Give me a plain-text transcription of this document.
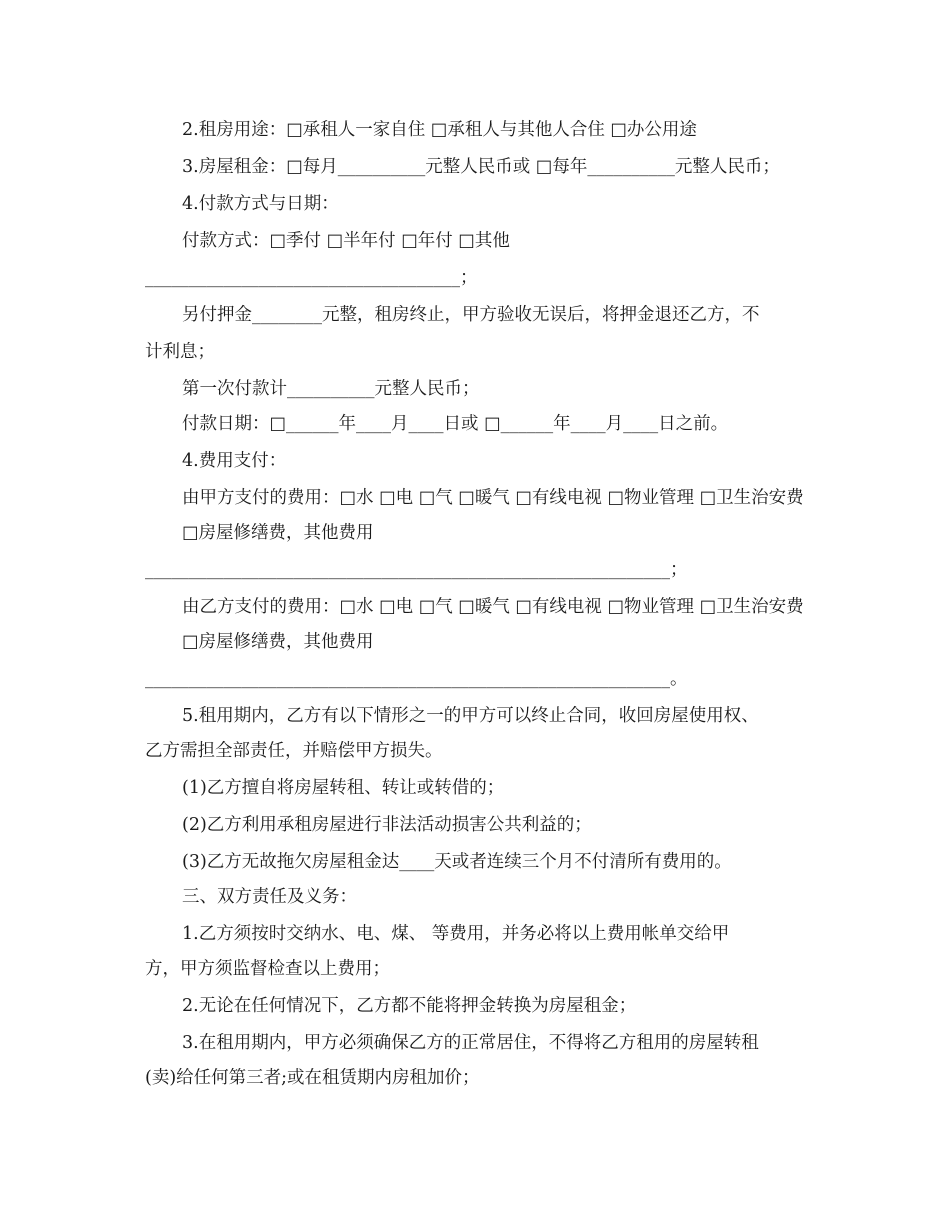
2.租房用途：□承租人一家自住 □承租人与其他人合住 □办公用途
3.房屋租金：□每月__________元整人民币或 □每年__________元整人民币；
4.付款方式与日期：
付款方式：□季付 □半年付 □年付 □其他
____________________________________；
另付押金________元整，租房终止，甲方验收无误后，将押金退还乙方，不
计利息；
第一次付款计__________元整人民币；
付款日期：□______年____月____日或 □______年____月____日之前。
4.费用支付：
由甲方支付的费用：□水 □电 □气 □暖气 □有线电视 □物业管理 □卫生治安费
□房屋修缮费，其他费用
____________________________________________________________；
由乙方支付的费用：□水 □电 □气 □暖气 □有线电视 □物业管理 □卫生治安费
□房屋修缮费，其他费用
____________________________________________________________。
5.租用期内，乙方有以下情形之一的甲方可以终止合同，收回房屋使用权、
乙方需担全部责任，并赔偿甲方损失。
(1)乙方擅自将房屋转租、转让或转借的；
(2)乙方利用承租房屋进行非法活动损害公共利益的；
(3)乙方无故拖欠房屋租金达____天或者连续三个月不付清所有费用的。
三、双方责任及义务：
1.乙方须按时交纳水、电、煤、 等费用，并务必将以上费用帐单交给甲
方，甲方须监督检查以上费用；
2.无论在任何情况下，乙方都不能将押金转换为房屋租金；
3.在租用期内，甲方必须确保乙方的正常居住，不得将乙方租用的房屋转租
(卖)给任何第三者;或在租赁期内房租加价；
